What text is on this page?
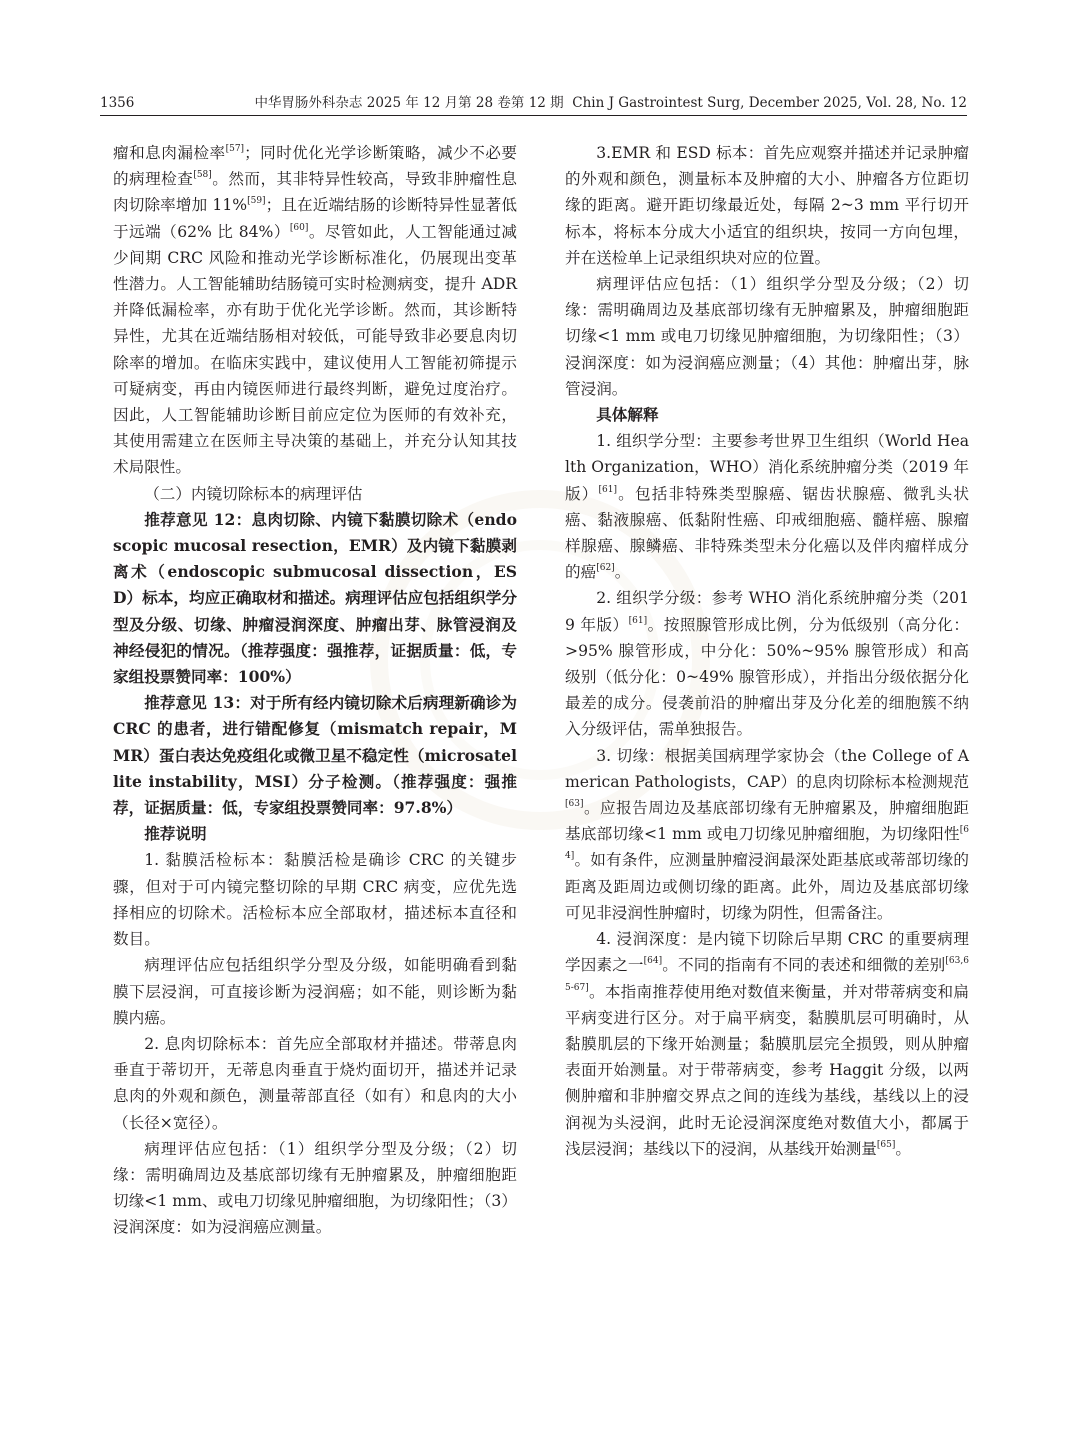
1356	中华胃肠外科杂志 2025 年 12 月第 28 卷第 12 期 Chin J Gastrointest Surg, December 2025, Vol. 28, No. 12

瘤和息肉漏检率[57]；同时优化光学诊断策略，减少不必要的病理检查[58]。然而，其非特异性较高，导致非肿瘤性息肉切除率增加 11%[59]；且在近端结肠的诊断特异性显著低于远端（62% 比 84%）[60]。尽管如此，人工智能通过减少间期 CRC 风险和推动光学诊断标准化，仍展现出变革性潜力。人工智能辅助结肠镜可实时检测病变，提升 ADR 并降低漏检率，亦有助于优化光学诊断。然而，其诊断特异性，尤其在近端结肠相对较低，可能导致非必要息肉切除率的增加。在临床实践中，建议使用人工智能初筛提示可疑病变，再由内镜医师进行最终判断，避免过度治疗。因此，人工智能辅助诊断目前应定位为医师的有效补充，其使用需建立在医师主导决策的基础上，并充分认知其技术局限性。

（二）内镜切除标本的病理评估

推荐意见 12：息肉切除、内镜下黏膜切除术（endoscopic mucosal resection，EMR）及内镜下黏膜剥离术（endoscopic submucosal dissection，ESD）标本，均应正确取材和描述。病理评估应包括组织学分型及分级、切缘、肿瘤浸润深度、肿瘤出芽、脉管浸润及神经侵犯的情况。（推荐强度：强推荐，证据质量：低，专家组投票赞同率：100%）

推荐意见 13：对于所有经内镜切除术后病理新确诊为 CRC 的患者，进行错配修复（mismatch repair，MMR）蛋白表达免疫组化或微卫星不稳定性（microsatellite instability，MSI）分子检测。（推荐强度：强推荐，证据质量：低，专家组投票赞同率：97.8%）

推荐说明

1. 黏膜活检标本：黏膜活检是确诊 CRC 的关键步骤，但对于可内镜完整切除的早期 CRC 病变，应优先选择相应的切除术。活检标本应全部取材，描述标本直径和数目。

病理评估应包括组织学分型及分级，如能明确看到黏膜下层浸润，可直接诊断为浸润癌；如不能，则诊断为黏膜内癌。

2. 息肉切除标本：首先应全部取材并描述。带蒂息肉垂直于蒂切开，无蒂息肉垂直于烧灼面切开，描述并记录息肉的外观和颜色，测量蒂部直径（如有）和息肉的大小（长径×宽径）。

病理评估应包括：（1）组织学分型及分级；（2）切缘：需明确周边及基底部切缘有无肿瘤累及，肿瘤细胞距切缘<1 mm、或电刀切缘见肿瘤细胞，为切缘阳性；（3）浸润深度：如为浸润癌应测量。

3.EMR 和 ESD 标本：首先应观察并描述并记录肿瘤的外观和颜色，测量标本及肿瘤的大小、肿瘤各方位距切缘的距离。避开距切缘最近处，每隔 2~3 mm 平行切开标本，将标本分成大小适宜的组织块，按同一方向包埋，并在送检单上记录组织块对应的位置。

病理评估应包括：（1）组织学分型及分级；（2）切缘：需明确周边及基底部切缘有无肿瘤累及，肿瘤细胞距切缘<1 mm 或电刀切缘见肿瘤细胞，为切缘阳性；（3）浸润深度：如为浸润癌应测量；（4）其他：肿瘤出芽，脉管浸润。

具体解释

1. 组织学分型：主要参考世界卫生组织（World Health Organization，WHO）消化系统肿瘤分类（2019 年版）[61]。包括非特殊类型腺癌、锯齿状腺癌、微乳头状癌、黏液腺癌、低黏附性癌、印戒细胞癌、髓样癌、腺瘤样腺癌、腺鳞癌、非特殊类型未分化癌以及伴肉瘤样成分的癌[62]。

2. 组织学分级：参考 WHO 消化系统肿瘤分类（2019 年版）[61]。按照腺管形成比例，分为低级别（高分化：>95% 腺管形成，中分化：50%~95% 腺管形成）和高级别（低分化：0~49% 腺管形成），并指出分级依据分化最差的成分。侵袭前沿的肿瘤出芽及分化差的细胞簇不纳入分级评估，需单独报告。

3. 切缘：根据美国病理学家协会（the College of American Pathologists，CAP）的息肉切除标本检测规范[63]。应报告周边及基底部切缘有无肿瘤累及，肿瘤细胞距基底部切缘<1 mm 或电刀切缘见肿瘤细胞，为切缘阳性[64]。如有条件，应测量肿瘤浸润最深处距基底或蒂部切缘的距离及距周边或侧切缘的距离。此外，周边及基底部切缘可见非浸润性肿瘤时，切缘为阴性，但需备注。

4. 浸润深度：是内镜下切除后早期 CRC 的重要病理学因素之一[64]。不同的指南有不同的表述和细微的差别[63,65-67]。本指南推荐使用绝对数值来衡量，并对带蒂病变和扁平病变进行区分。对于扁平病变，黏膜肌层可明确时，从黏膜肌层的下缘开始测量；黏膜肌层完全损毁，则从肿瘤表面开始测量。对于带蒂病变，参考 Haggit 分级，以两侧肿瘤和非肿瘤交界点之间的连线为基线，基线以上的浸润视为头浸润，此时无论浸润深度绝对数值大小，都属于浅层浸润；基线以下的浸润，从基线开始测量[65]。
